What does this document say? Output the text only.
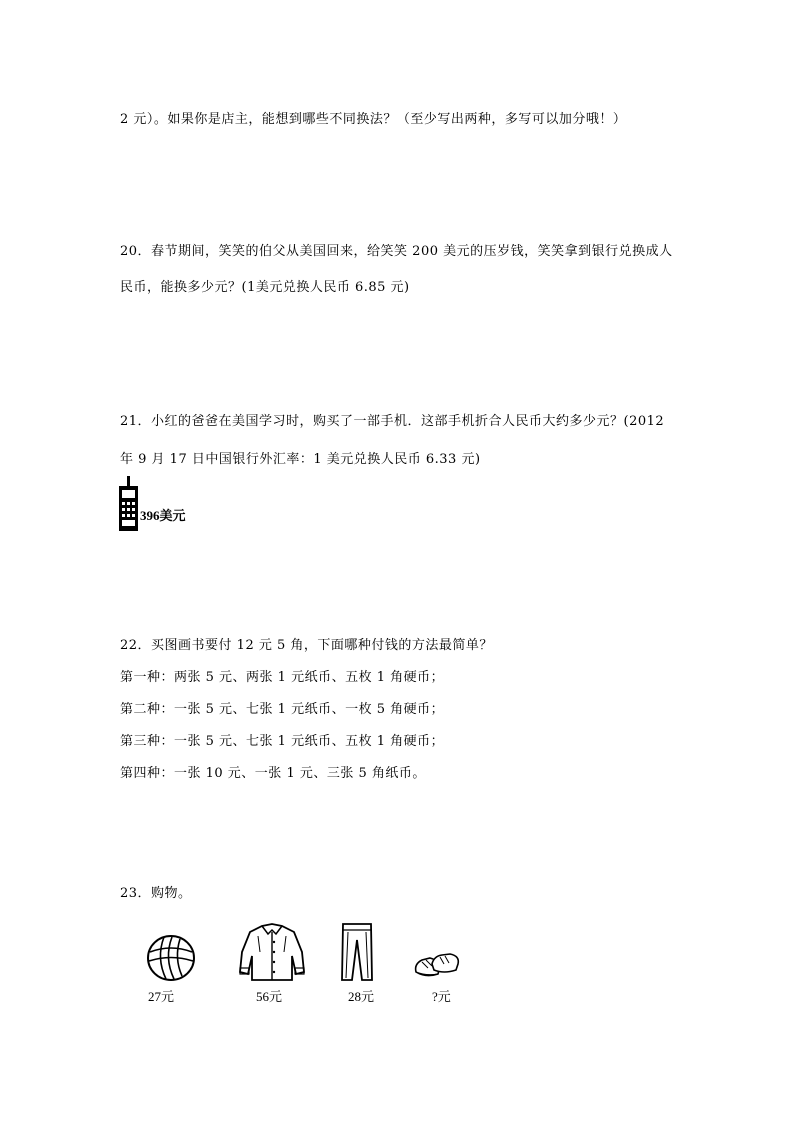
2 元）。如果你是店主，能想到哪些不同换法？（至少写出两种，多写可以加分哦！）
20．春节期间，笑笑的伯父从美国回来，给笑笑 200 美元的压岁钱，笑笑拿到银行兑换成人
民币，能换多少元？(1美元兑换人民币 6.85 元)
21．小红的爸爸在美国学习时，购买了一部手机．这部手机折合人民币大约多少元？(2012
年 9 月 17 日中国银行外汇率：1 美元兑换人民币 6.33 元)
396美元
22．买图画书要付 12 元 5 角，下面哪种付钱的方法最简单？
第一种：两张 5 元、两张 1 元纸币、五枚 1 角硬币；
第二种：一张 5 元、七张 1 元纸币、一枚 5 角硬币；
第三种：一张 5 元、七张 1 元纸币、五枚 1 角硬币；
第四种：一张 10 元、一张 1 元、三张 5 角纸币。
23．购物。
27元	56元	28元	?元
